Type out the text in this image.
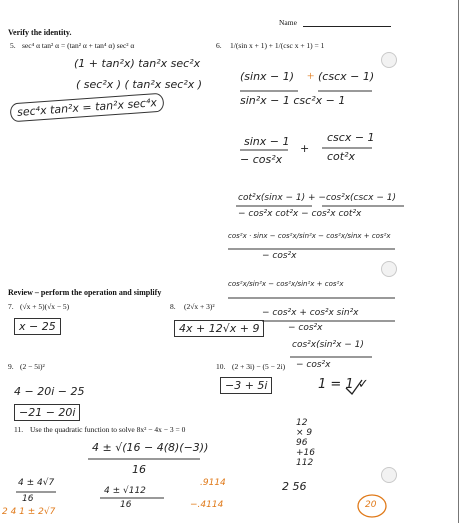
Name
Verify the identity.
5. sec⁴ α tan² α = (tan² α + tan⁴ α) sec² α	6. 1/(sin x + 1) + 1/(csc x + 1) = 1
(1 + tan²x) tan²x sec²x
( sec²x ) ( tan²x sec²x )
sec⁴x tan²x = tan²x sec⁴x
(sinx − 1) + (cscx − 1)
sin²x − 1 csc²x − 1
sinx − 1	cscx − 1
− cos²x
+
cot²x
cot²x(sinx − 1) + −cos²x(cscx − 1)
− cos²x cot²x − cos²x cot²x
cos²x · sinx − cos²x/sin²x − cos²x/sinx + cos²x
− cos²x
cos²x/sin²x − cos²x/sin²x + cos²x
− cos²x + cos²x sin²x
− cos²x
cos²x(sin²x − 1)
− cos²x
1 = 1 ✓
Review – perform the operation and simplify
7. (√x + 5)(√x − 5)
x − 25
8. (2√x + 3)²
4x + 12√x + 9
9. (2 − 5i)²
4 − 20i − 25
−21 − 20i
10. (2 + 3i) − (5 − 2i)
−3 + 5i
11. Use the quadratic function to solve 8x² − 4x − 3 = 0
4 ± √(16 − 4(8)(−3))
16
4 ± √112
16
4 ± 4√7
16
.9114
−.4114
2 4 1 ± 2√7
12
× 9
96
+16
112
2 56
20
